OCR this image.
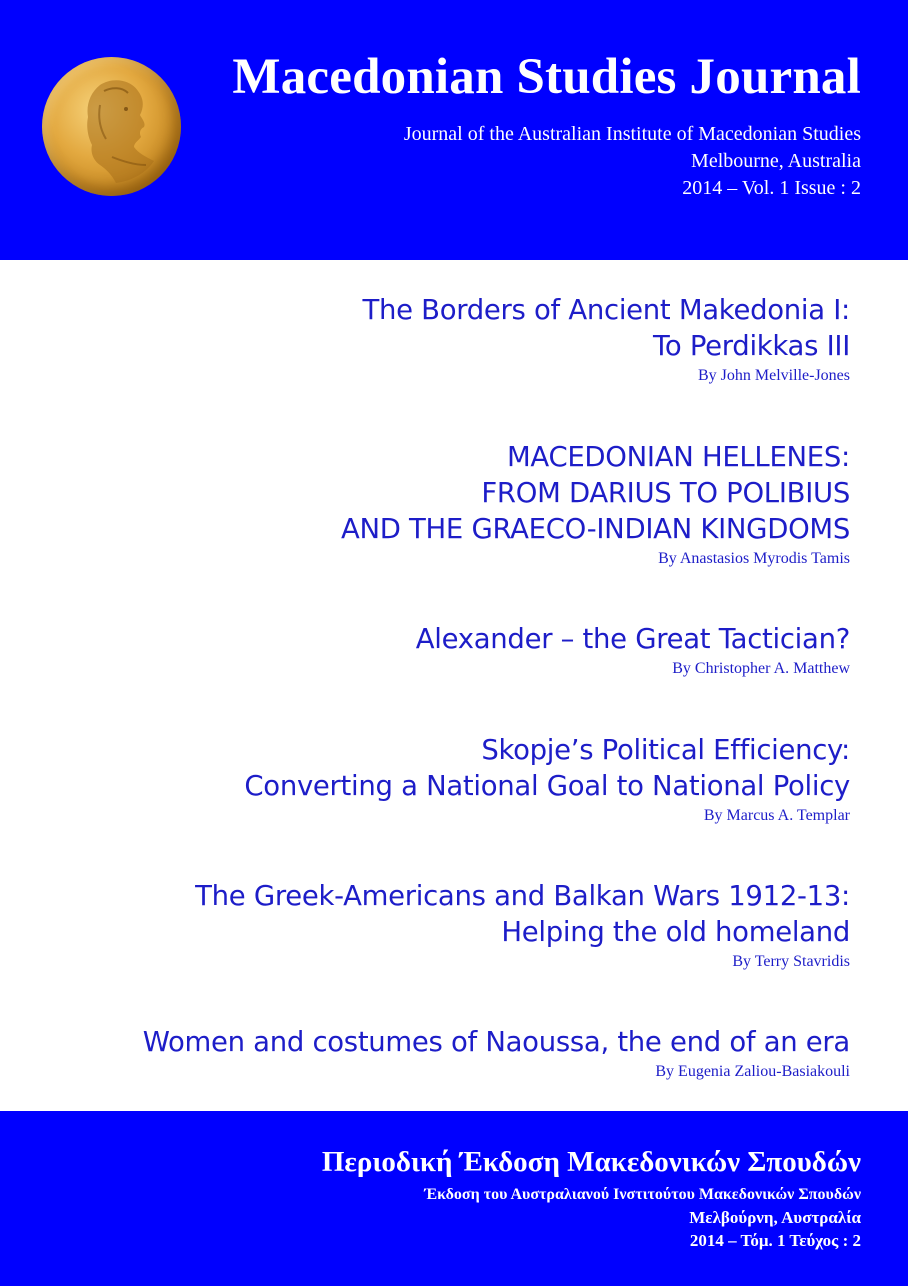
Macedonian Studies Journal
Journal of the Australian Institute of Macedonian Studies
Melbourne, Australia
2014 – Vol. 1 Issue : 2
The Borders of Ancient Makedonia I:
To Perdikkas III
By John Melville-Jones
MACEDONIAN HELLENES:
FROM DARIUS TO POLIBIUS
AND THE GRAECO-INDIAN KINGDOMS
By Anastasios Myrodis Tamis
Alexander – the Great Tactician?
By Christopher A. Matthew
Skopje’s Political Efficiency:
Converting a National Goal to National Policy
By Marcus A. Templar
The Greek-Americans and Balkan Wars 1912-13:
Helping the old homeland
By Terry Stavridis
Women and costumes of Naoussa, the end of an era
By Eugenia Zaliou-Basiakouli
Περιοδική Έκδοση Μακεδονικών Σπουδών
Έκδοση του Αυστραλιανού Ινστιτούτου Μακεδονικών Σπουδών
Μελβούρνη, Αυστραλία
2014 – Τόμ. 1 Τεύχος : 2
